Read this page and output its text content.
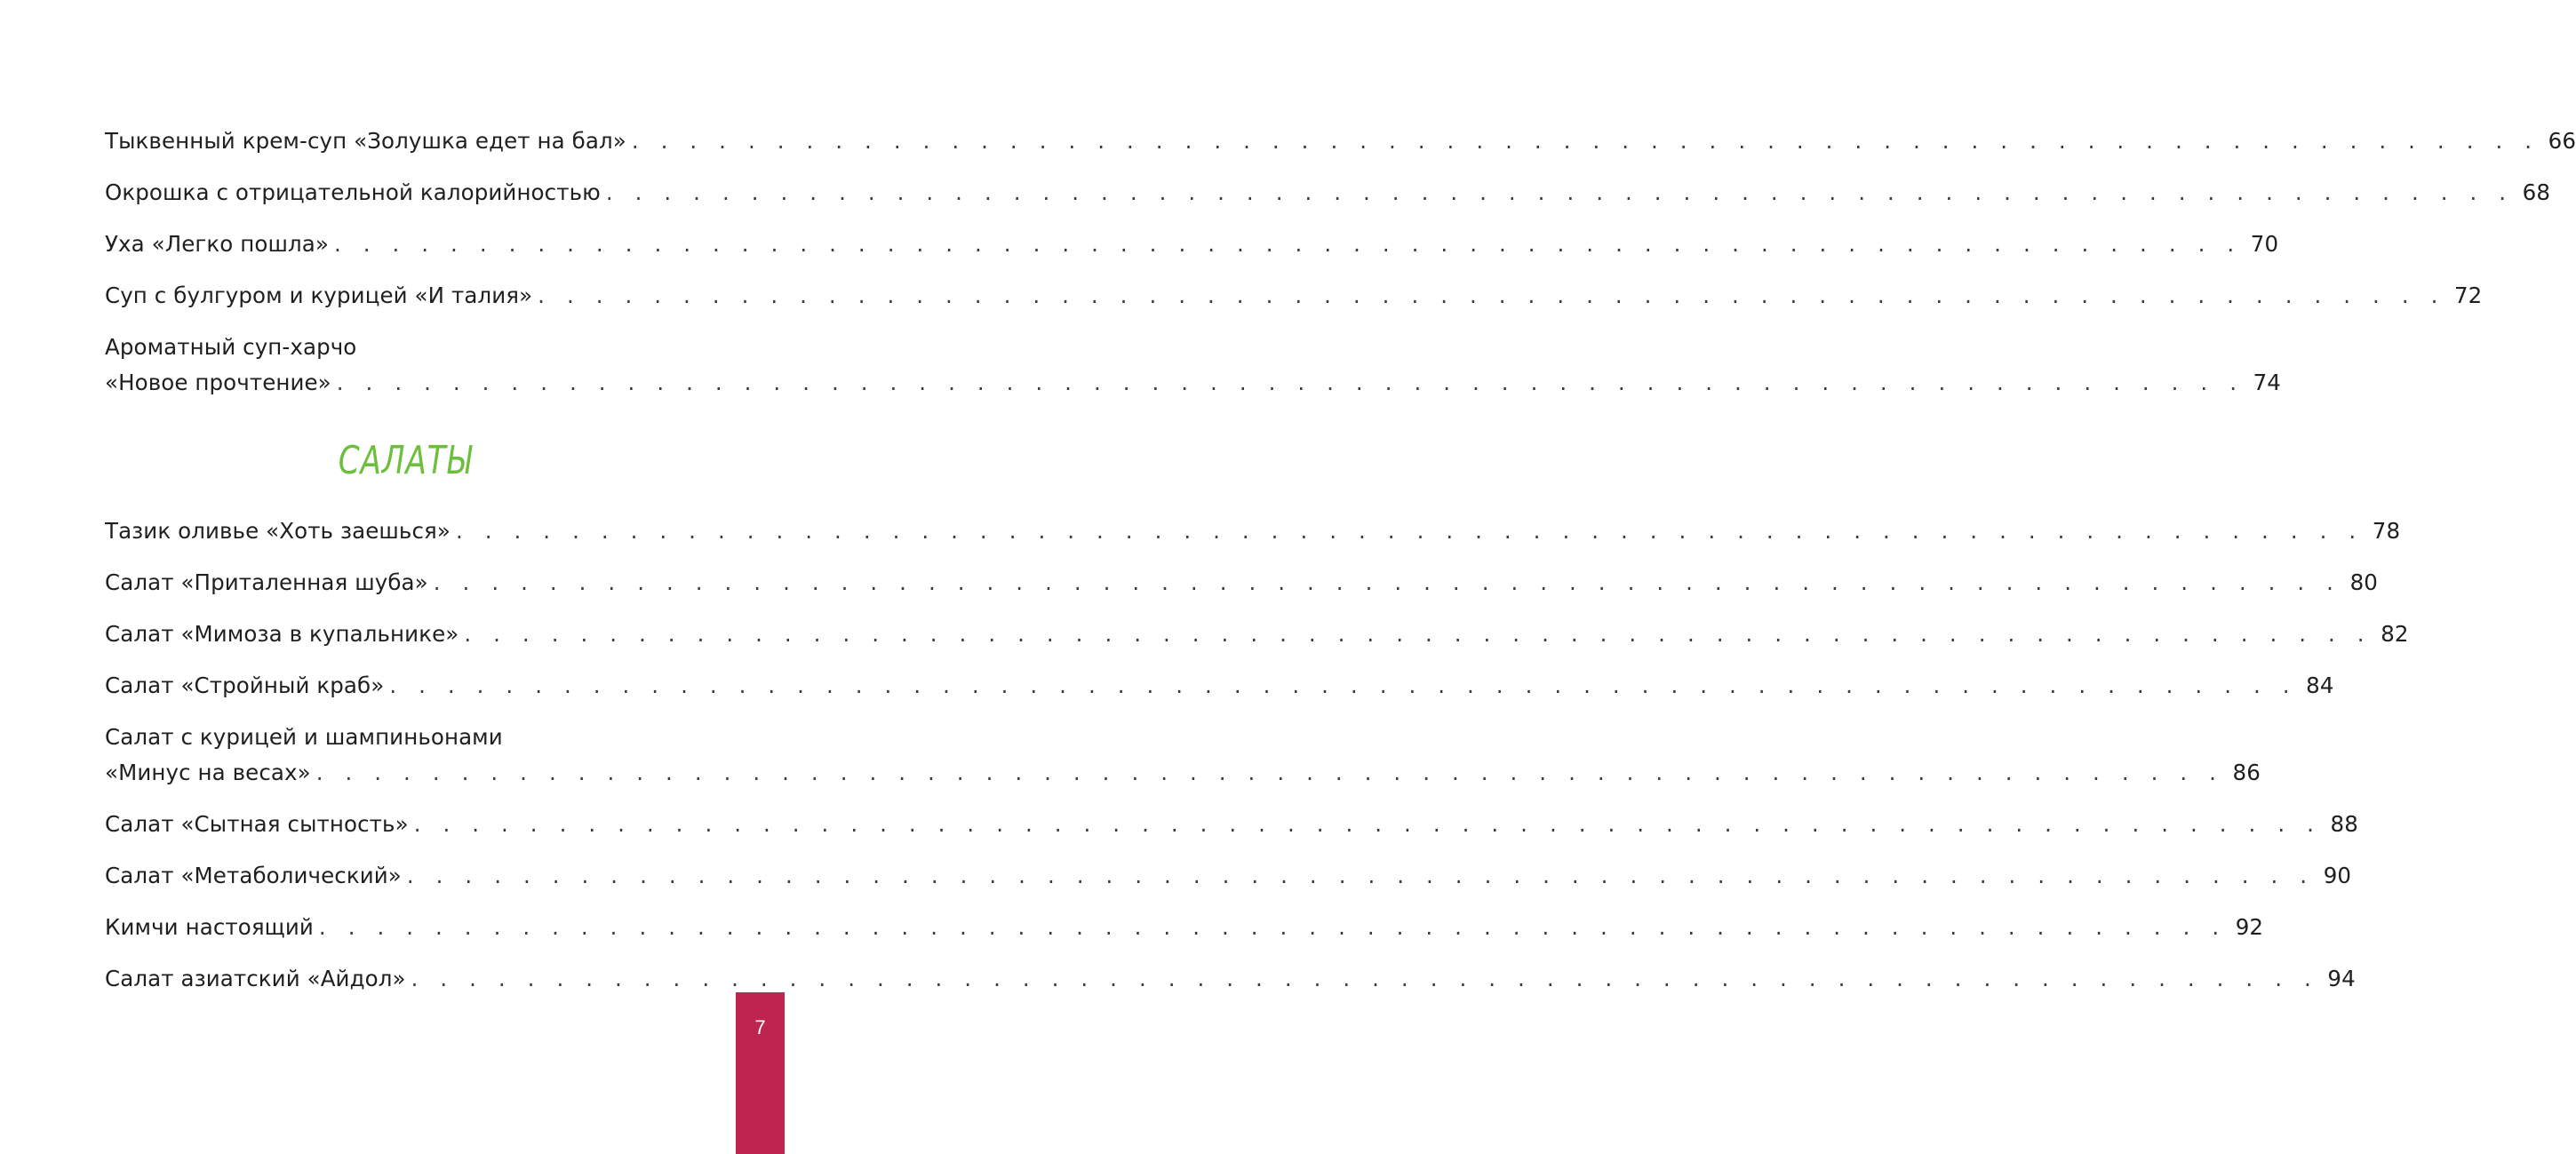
Тыквенный крем-суп «Золушка едет на бал» . . . . . . . . . . . . . . . . . . . . . . . . . . . . . . . . . . . . . . . . . . . . . . . . . . . . . . . . . . . . . . . . . . 66
Окрошка с отрицательной калорийностью . . . . . . . . . . . . . . . . . . . . . . . . . . . . . . . . . . . . . . . . . . . . . . . . . . . . . . . . . . . . . . . . . . 68
Уха «Легко пошла» . . . . . . . . . . . . . . . . . . . . . . . . . . . . . . . . . . . . . . . . . . . . . . . . . . . . . . . . . . . . . . . . . . 70
Суп с булгуром и курицей «И талия» . . . . . . . . . . . . . . . . . . . . . . . . . . . . . . . . . . . . . . . . . . . . . . . . . . . . . . . . . . . . . . . . . . 72
Ароматный суп-харчо
«Новое прочтение» . . . . . . . . . . . . . . . . . . . . . . . . . . . . . . . . . . . . . . . . . . . . . . . . . . . . . . . . . . . . . . . . . . 74
САЛАТЫ
Тазик оливье «Хоть заешься» . . . . . . . . . . . . . . . . . . . . . . . . . . . . . . . . . . . . . . . . . . . . . . . . . . . . . . . . . . . . . . . . . . 78
Салат «Приталенная шуба» . . . . . . . . . . . . . . . . . . . . . . . . . . . . . . . . . . . . . . . . . . . . . . . . . . . . . . . . . . . . . . . . . . 80
Салат «Мимоза в купальнике» . . . . . . . . . . . . . . . . . . . . . . . . . . . . . . . . . . . . . . . . . . . . . . . . . . . . . . . . . . . . . . . . . . 82
Салат «Стройный краб» . . . . . . . . . . . . . . . . . . . . . . . . . . . . . . . . . . . . . . . . . . . . . . . . . . . . . . . . . . . . . . . . . . 84
Салат с курицей и шампиньонами
«Минус на весах» . . . . . . . . . . . . . . . . . . . . . . . . . . . . . . . . . . . . . . . . . . . . . . . . . . . . . . . . . . . . . . . . . . 86
Салат «Сытная сытность» . . . . . . . . . . . . . . . . . . . . . . . . . . . . . . . . . . . . . . . . . . . . . . . . . . . . . . . . . . . . . . . . . . 88
Салат «Метаболический» . . . . . . . . . . . . . . . . . . . . . . . . . . . . . . . . . . . . . . . . . . . . . . . . . . . . . . . . . . . . . . . . . . 90
Кимчи настоящий . . . . . . . . . . . . . . . . . . . . . . . . . . . . . . . . . . . . . . . . . . . . . . . . . . . . . . . . . . . . . . . . . . 92
Салат азиатский «Айдол» . . . . . . . . . . . . . . . . . . . . . . . . . . . . . . . . . . . . . . . . . . . . . . . . . . . . . . . . . . . . . . . . . . 94
7
